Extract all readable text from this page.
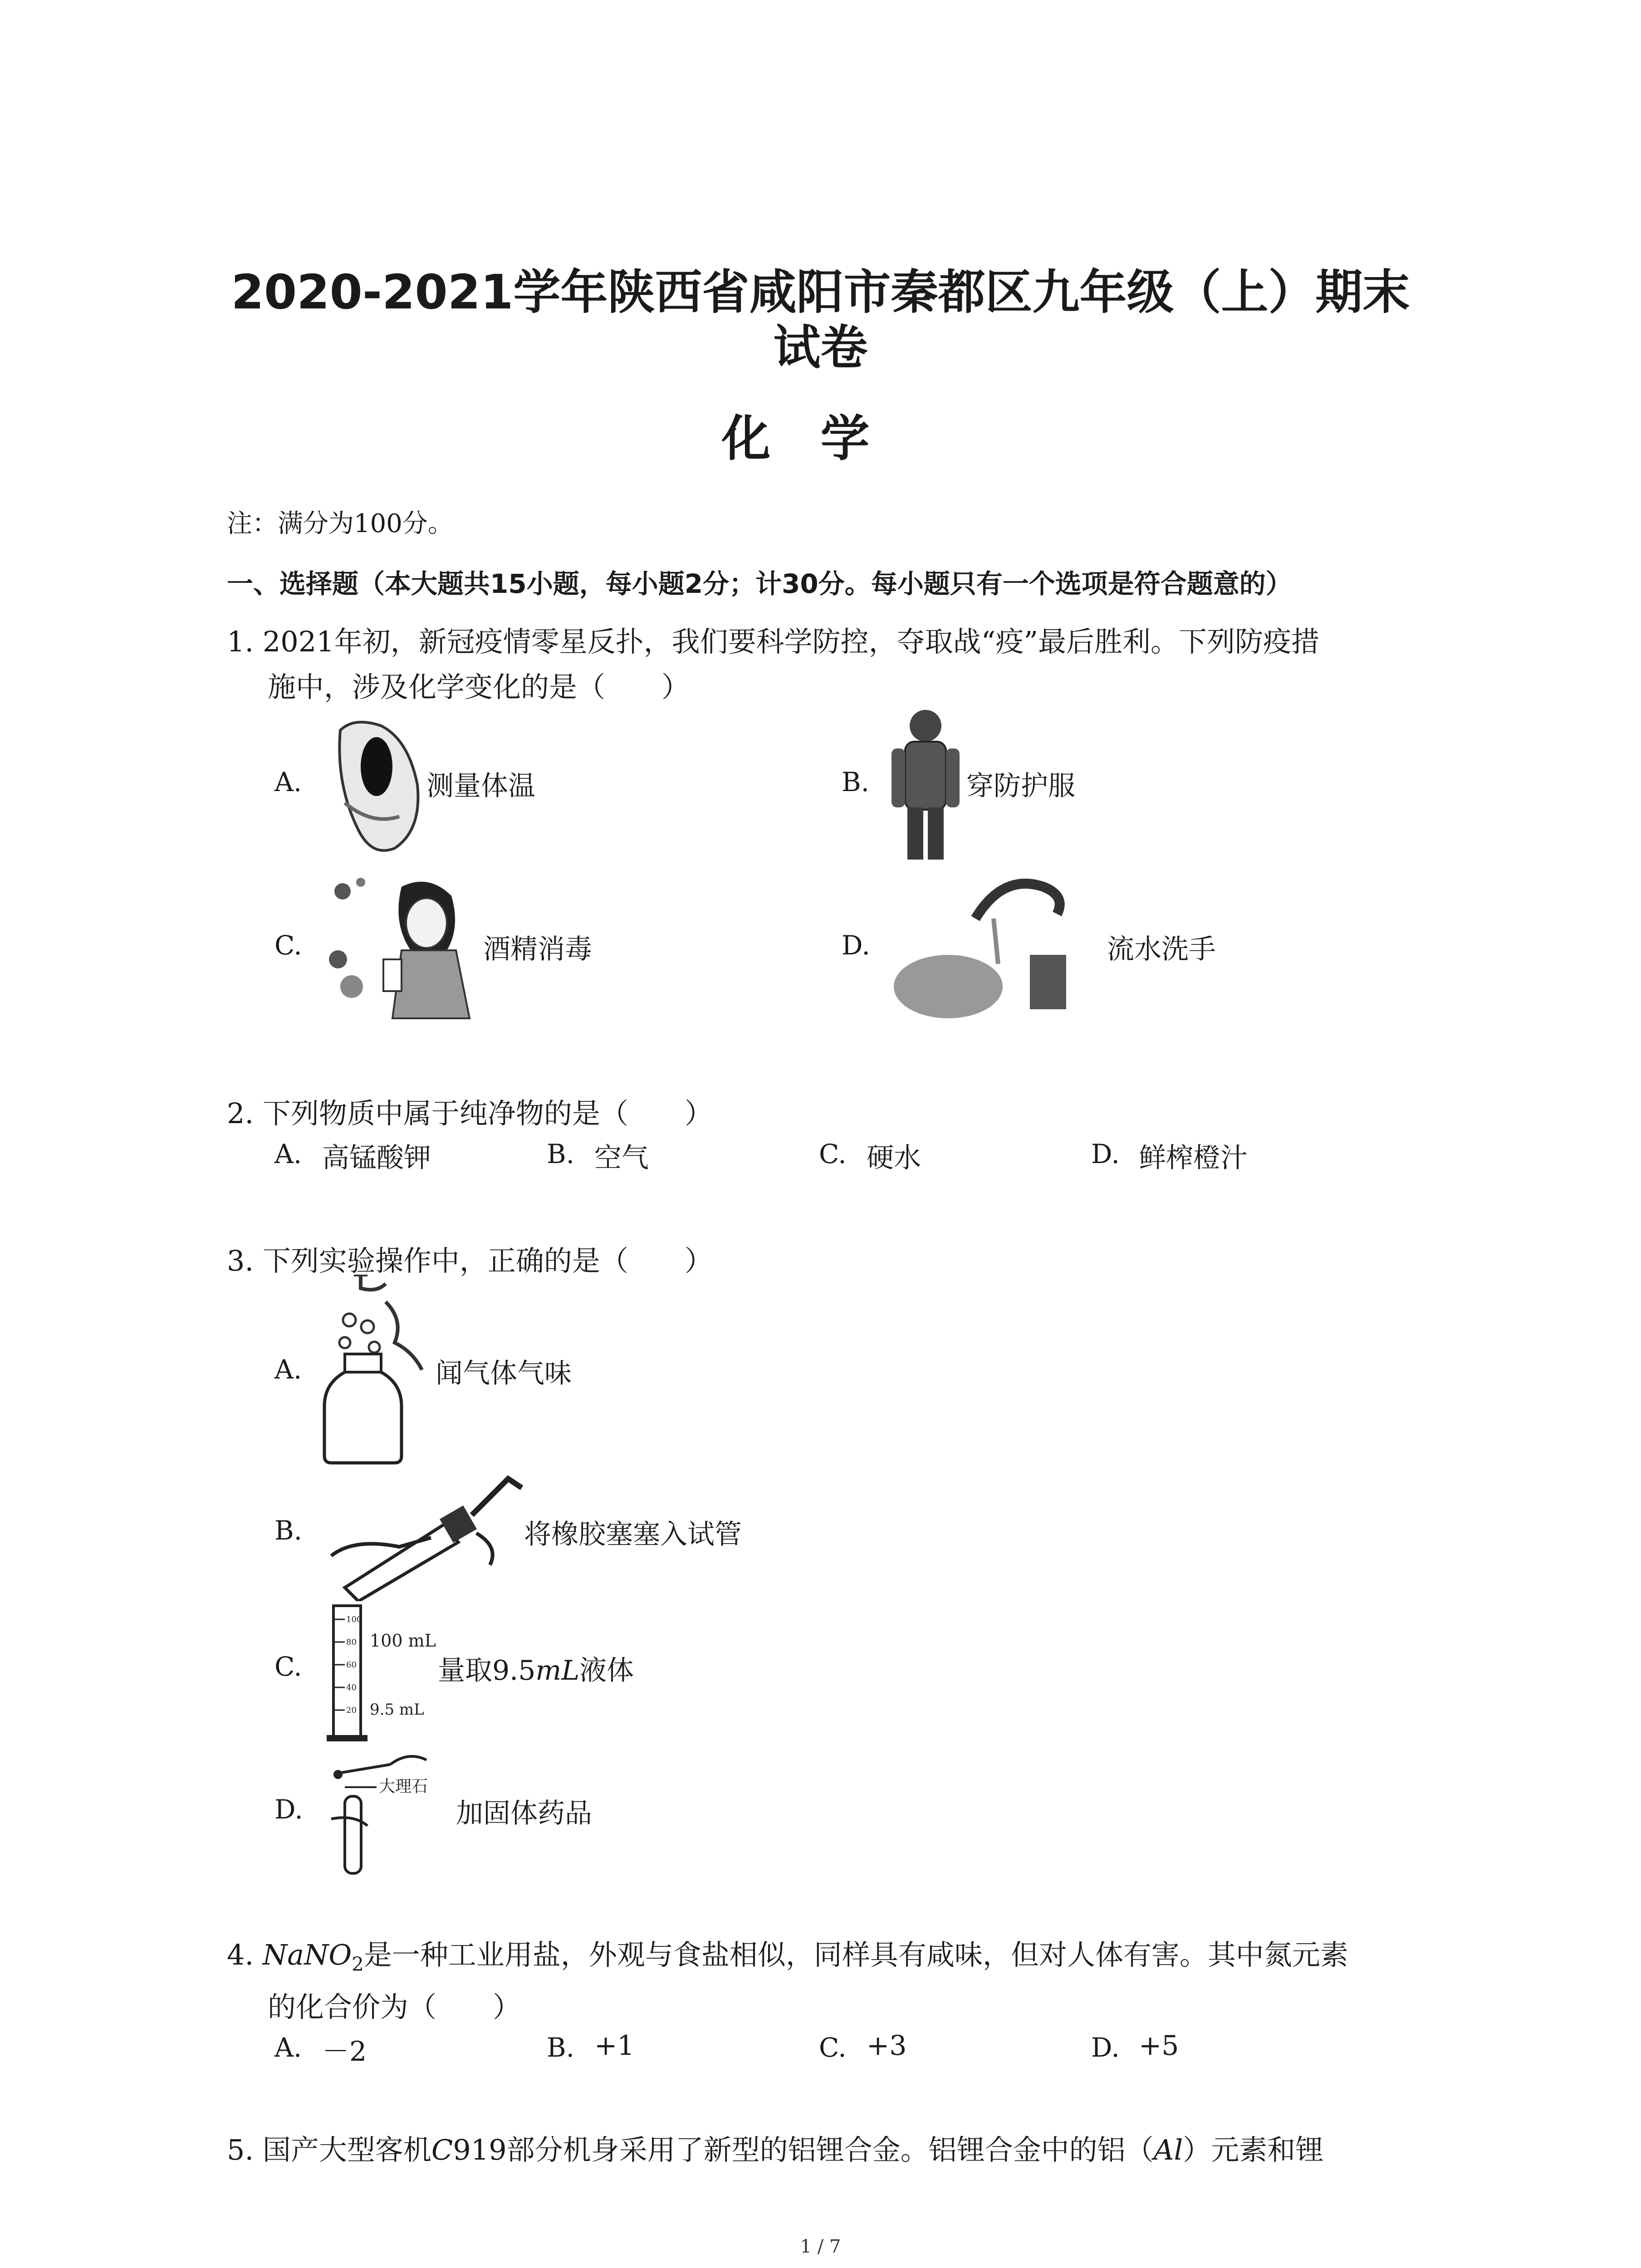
2020-2021学年陕西省咸阳市秦都区九年级（上）期末
试卷
化学
注：满分为100分。
一、选择题（本大题共15小题，每小题2分；计30分。每小题只有一个选项是符合题意的）
1. 2021年初，新冠疫情零星反扑，我们要科学防控，夺取战“疫”最后胜利。下列防疫措
施中，涉及化学变化的是（　　）
A.	测量体温	B.	穿防护服
C.	酒精消毒	D.	流水洗手
2. 下列物质中属于纯净物的是（　　）
A. 高锰酸钾	B. 空气	C. 硬水	D. 鲜榨橙汁
3. 下列实验操作中，正确的是（　　）
A.	闻气体气味
B.	将橡胶塞塞入试管
C.
100
80
60
40
20
100 mL
9.5 mL
量取9.5mL液体
D.
大理石
加固体药品
4. NaNO$_2$是一种工业用盐，外观与食盐相似，同样具有咸味，但对人体有害。其中氮元素
的化合价为（　　）
A. －2	B. +1	C. +3	D. +5
5. 国产大型客机C919部分机身采用了新型的铝锂合金。铝锂合金中的铝（Al）元素和锂
1 / 7
